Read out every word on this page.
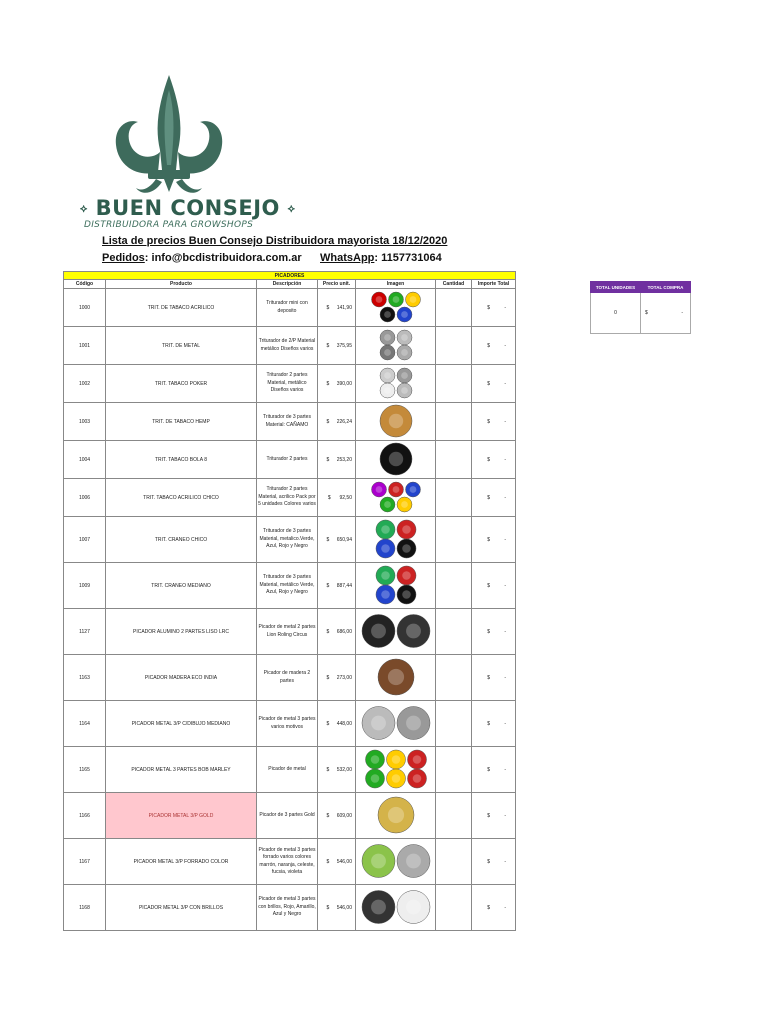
⟡ BUEN CONSEJO ⟡
DISTRIBUIDORA PARA GROWSHOPS
Lista de precios Buen Consejo Distribuidora mayorista 18/12/2020
Pedidos: info@bcdistribuidora.com.ar WhatsApp: 1157731064
PICADORES						
Código	Producto	Descripción	Precio unit.	Imagen	Cantidad	Importe Total
1000	TRIT. DE TABACO ACRILICO	Triturador mini con deposito	$ 141,90			$ -

1001	TRIT. DE METAL	Triturador de 2/P Material metálico Diseños varios	$ 375,95			$ -

1002	TRIT. TABACO POKER	Triturador 2 partes Material, metálico Diseños varios	$ 390,00			$ -

1003	TRIT. DE TABACO HEMP	Triturador de 3 partes Material: CAÑAMO	$ 226,24			$ -

1004	TRIT. TABACO BOLA 8	Triturador 2 partes	$ 253,20			$ -

1006	TRIT. TABACO ACRILICO CHICO	Triturador 2 partes Material, acrilico Pack por 5 unidades Colores varios	$ 92,50			$ -

1007	TRIT. CRANEO CHICO	Triturador de 3 partes Material, metalico.Verde, Azul, Rojo y Negro	$ 650,94			$ -

1009	TRIT. CRANEO MEDIANO	Triturador de 3 partes Material, metálico Verde, Azul, Rojo y Negro	$ 887,44			$ -

1127	PICADOR ALUMINO 2 PARTES LISO LRC	Picador de metal 2 partes Lion Roling Circus	$ 686,00			$ -

1163	PICADOR MADERA ECO INDIA	Picador de madera 2 partes	$ 273,00			$ -

1164	PICADOR METAL 3/P C/DIBUJO MEDIANO	Picador de metal 3 partes varios motivos	$ 448,00			$ -

1165	PICADOR METAL 3 PARTES BOB MARLEY	Picador de metal	$ 532,00			$ -

1166	PICADOR METAL 3/P GOLD	Picador de 3 partes Gold	$ 609,00			$ -

1167	PICADOR METAL 3/P FORRADO COLOR	Picador de metal 3 partes forrado varios colores marrón, naranja, celeste, fucsia, violeta	$ 546,00			$ -

1168	PICADOR METAL 3/P CON BRILLOS	Picador de metal 3 partes con brillos, Rojo, Amarillo, Azul y Negro	$ 546,00			$ -
TOTAL UNIDADES	TOTAL COMPRA
0	$ -
